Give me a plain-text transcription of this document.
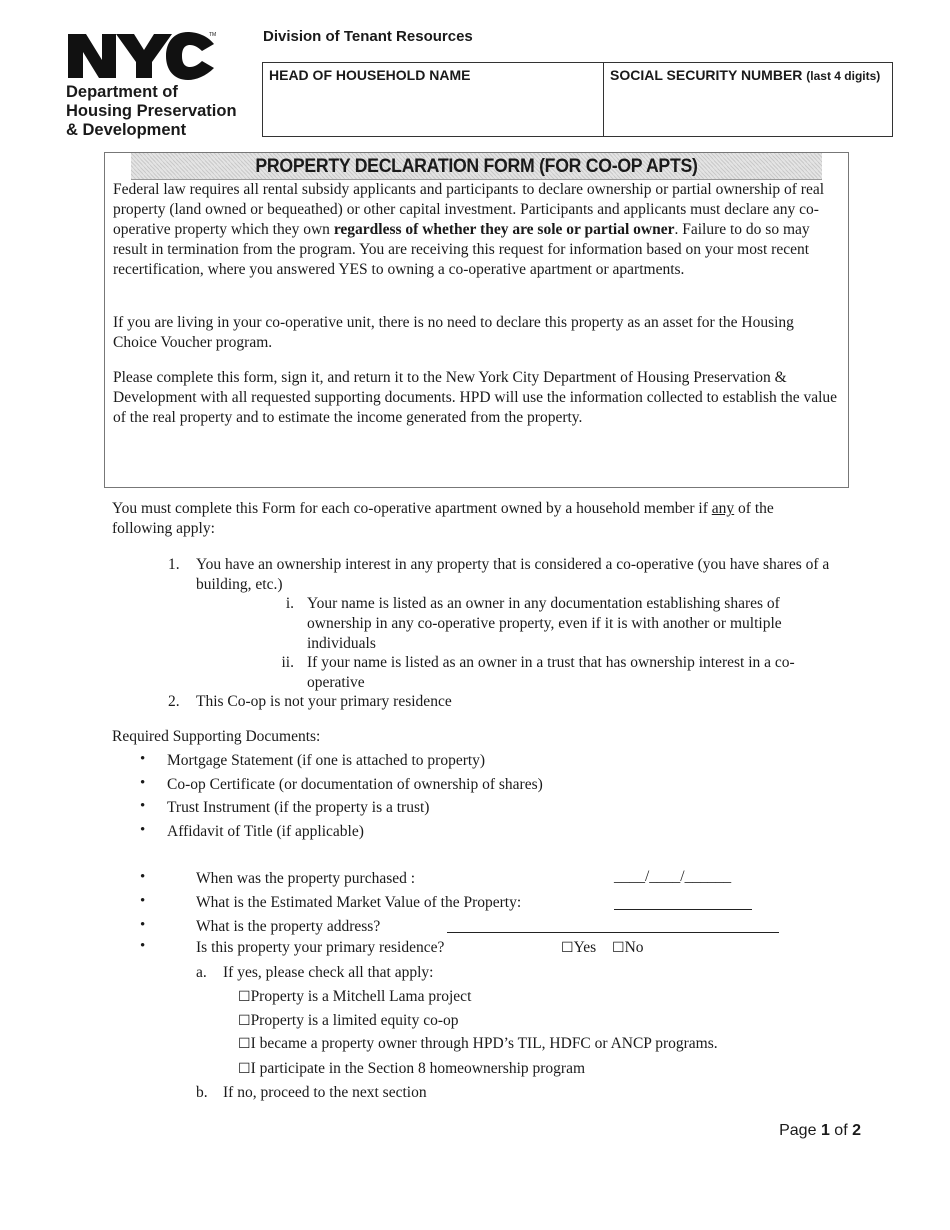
TM
Department of
Housing Preservation
& Development
Division of Tenant Resources
HEAD OF HOUSEHOLD NAME	SOCIAL SECURITY NUMBER (last 4 digits)
PROPERTY DECLARATION FORM (FOR CO-OP APTS)

Federal law requires all rental subsidy applicants and participants to declare ownership or partial ownership of real property (land owned or bequeathed) or other capital investment. Participants and applicants must declare any co-operative property which they own regardless of whether they are sole or partial owner. Failure to do so may result in termination from the program. You are receiving this request for information based on your most recent recertification, where you answered YES to owning a co-operative apartment or apartments.

If you are living in your co-operative unit, there is no need to declare this property as an asset for the Housing Choice Voucher program.

Please complete this form, sign it, and return it to the New York City Department of Housing Preservation & Development with all requested supporting documents. HPD will use the information collected to establish the value of the real property and to estimate the income generated from the property.

You must complete this Form for each co-operative apartment owned by a household member if any of the following apply:
1. You have an ownership interest in any property that is considered a co-operative (you have shares of a building, etc.)
i. Your name is listed as an owner in any documentation establishing shares of ownership in any co-operative property, even if it is with another or multiple individuals
ii. If your name is listed as an owner in a trust that has ownership interest in a co-operative
2. This Co-op is not your primary residence
Required Supporting Documents:
• Mortgage Statement (if one is attached to property)
• Co-op Certificate (or documentation of ownership of shares)
• Trust Instrument (if the property is a trust)
• Affidavit of Title (if applicable)
•	When was the property purchased :	____/____/______
•	What is the Estimated Market Value of the Property:
•	What is the property address?
•	Is this property your primary residence?	☐Yes ☐No
a. If yes, please check all that apply:
☐Property is a Mitchell Lama project
☐Property is a limited equity co-op
☐I became a property owner through HPD’s TIL, HDFC or ANCP programs.
☐I participate in the Section 8 homeownership program
b. If no, proceed to the next section
Page 1 of 2
